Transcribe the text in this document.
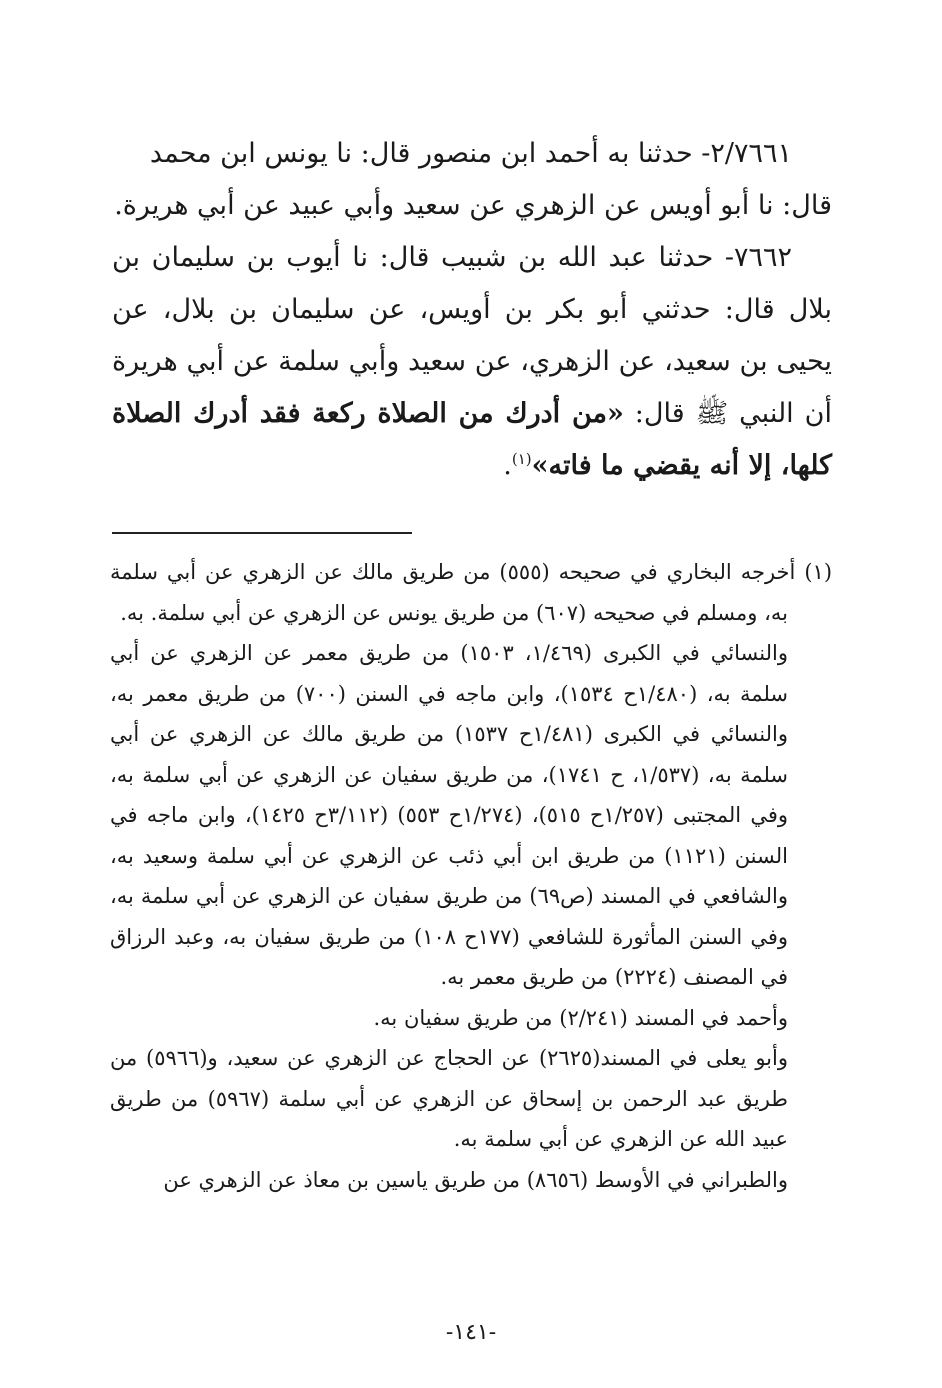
٢/٧٦٦١- حدثنا به أحمد ابن منصور قال: نا يونس ابن محمد

قال: نا أبو أويس عن الزهري عن سعيد وأبي عبيد عن أبي هريرة.

٧٦٦٢- حدثنا عبد الله بن شبيب قال: نا أيوب بن سليمان بن بلال قال: حدثني أبو بكر بن أويس، عن سليمان بن بلال، عن يحيى بن سعيد، عن الزهري، عن سعيد وأبي سلمة عن أبي هريرة أن النبي ﷺ قال: «من أدرك من الصلاة ركعة فقد أدرك الصلاة كلها، إلا أنه يقضي ما فاته»$^{(١)}$.

(١) أخرجه البخاري في صحيحه (٥٥٥) من طريق مالك عن الزهري عن أبي سلمة به، ومسلم في صحيحه (٦٠٧) من طريق يونس عن الزهري عن أبي سلمة. به.

والنسائي في الكبرى (١/٤٦٩، ١٥٠٣) من طريق معمر عن الزهري عن أبي سلمة به، (١/٤٨٠ح ١٥٣٤)، وابن ماجه في السنن (٧٠٠) من طريق معمر به، والنسائي في الكبرى (١/٤٨١ح ١٥٣٧) من طريق مالك عن الزهري عن أبي سلمة به، (١/٥٣٧، ح ١٧٤١)، من طريق سفيان عن الزهري عن أبي سلمة به، وفي المجتبى (١/٢٥٧ح ٥١٥)، (١/٢٧٤ح ٥٥٣) (٣/١١٢ح ١٤٢٥)، وابن ماجه في السنن (١١٢١) من طريق ابن أبي ذئب عن الزهري عن أبي سلمة وسعيد به، والشافعي في المسند (ص٦٩) من طريق سفيان عن الزهري عن أبي سلمة به، وفي السنن المأثورة للشافعي (١٧٧ح ١٠٨) من طريق سفيان به، وعبد الرزاق في المصنف (٢٢٢٤) من طريق معمر به.

وأحمد في المسند (٢/٢٤١) من طريق سفيان به.

وأبو يعلى في المسند(٢٦٢٥) عن الحجاج عن الزهري عن سعيد، و(٥٩٦٦) من طريق عبد الرحمن بن إسحاق عن الزهري عن أبي سلمة (٥٩٦٧) من طريق عبيد الله عن الزهري عن أبي سلمة به.

والطبراني في الأوسط (٨٦٥٦) من طريق ياسين بن معاذ عن الزهري عن

-١٤١-
